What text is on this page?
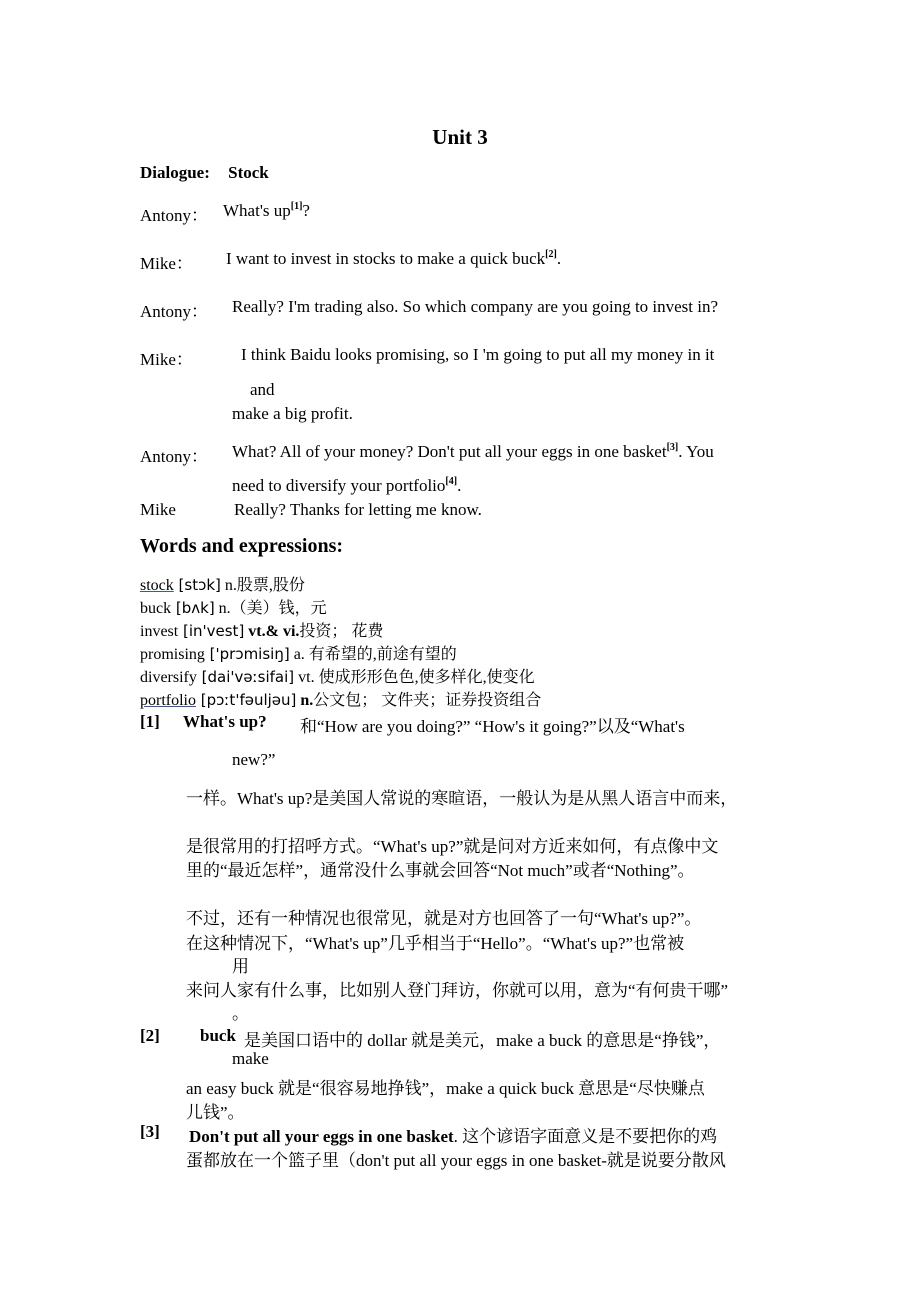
Unit 3
Dialogue: Stock
Antony： What's up[1]?
Mike： I want to invest in stocks to make a quick buck[2].
Antony： Really? I'm trading also. So which company are you going to invest in?
Mike：	I think Baidu looks promising, so I 'm going to put all my money in it
and
make a big profit.
Antony： What? All of your money? Don't put all your eggs in one basket[3]. You
need to diversify your portfolio[4].
Mike	Really? Thanks for letting me know.
Words and expressions:
stock [stɔk] n.股票,股份
buck [bʌk] n.（美）钱，元
invest [in'vest] vt.& vi.投资； 花费
promising ['prɔmisiŋ] a. 有希望的,前途有望的
diversify [dai'vəːsifai] vt. 使成形形色色,使多样化,使变化
portfolio [pɔːt'fəuljəu] n.公文包； 文件夹；证券投资组合
[1] What's up? 和“How are you doing?” “How's it going?”以及“What's
new?”
一样。What's up?是美国人常说的寒暄语，一般认为是从黑人语言中而来，
是很常用的打招呼方式。“What's up?”就是问对方近来如何，有点像中文
里的“最近怎样”，通常没什么事就会回答“Not much”或者“Nothing”。
不过，还有一种情况也很常见，就是对方也回答了一句“What's up?”。
在这种情况下，“What's up”几乎相当于“Hello”。“What's up?”也常被
用
来问人家有什么事，比如别人登门拜访，你就可以用，意为“有何贵干哪”
。
[2] buck 是美国口语中的 dollar 就是美元，make a buck 的意思是“挣钱”，
make
an easy buck 就是“很容易地挣钱”，make a quick buck 意思是“尽快赚点
儿钱”。
[3] Don't put all your eggs in one basket. 这个谚语字面意义是不要把你的鸡
蛋都放在一个篮子里（don't put all your eggs in one basket-就是说要分散风
